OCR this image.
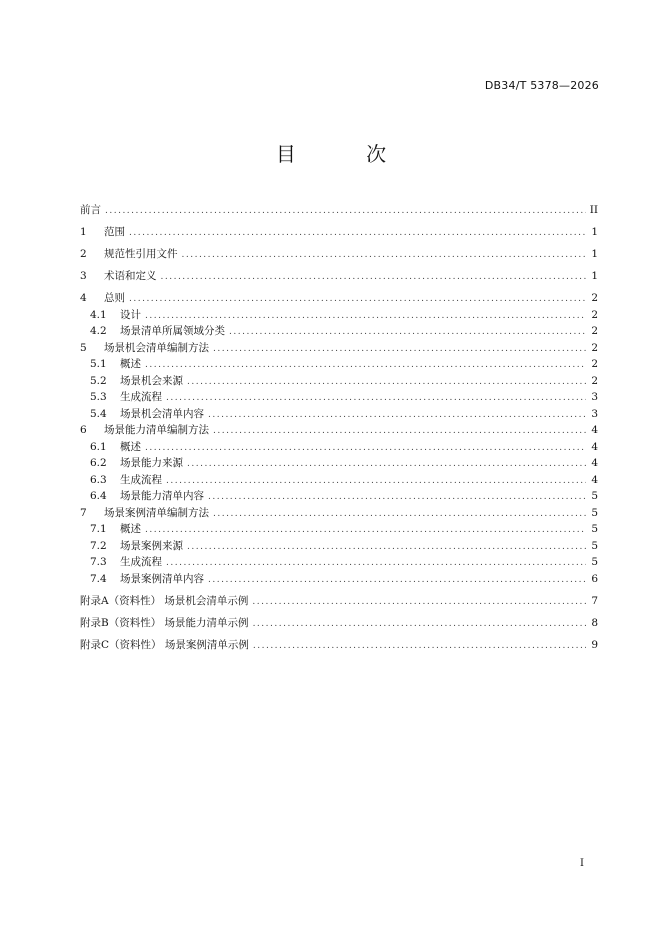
DB34/T 5378—2026
目 次
前言 .....	II
1	范围 .....	1
2	规范性引用文件 .....	1
3	术语和定义 .....	1
4	总则 .....	2
4.1	设计 .....	2
4.2	场景清单所属领域分类 .....	2
5	场景机会清单编制方法 .....	2
5.1	概述 .....	2
5.2	场景机会来源 .....	2
5.3	生成流程 .....	3
5.4	场景机会清单内容 .....	3
6	场景能力清单编制方法 .....	4
6.1	概述 .....	4
6.2	场景能力来源 .....	4
6.3	生成流程 .....	4
6.4	场景能力清单内容 .....	5
7	场景案例清单编制方法 .....	5
7.1	概述 .....	5
7.2	场景案例来源 .....	5
7.3	生成流程 .....	5
7.4	场景案例清单内容 .....	6
附录A（资料性） 场景机会清单示例 .....	7
附录B（资料性） 场景能力清单示例 .....	8
附录C（资料性） 场景案例清单示例 .....	9
I
